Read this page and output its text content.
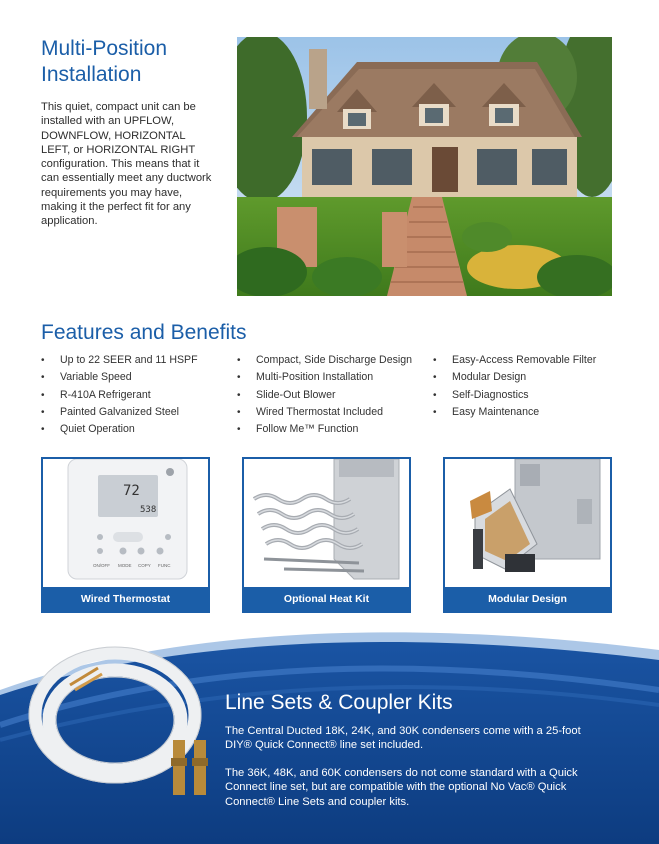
Multi-Position Installation

This quiet, compact unit can be installed with an UPFLOW, DOWNFLOW, HORIZONTAL LEFT, or HORIZONTAL RIGHT configuration. This means that it can essentially meet any ductwork requirements you may have, making it the perfect fit for any application.

Features and Benefits
• Up to 22 SEER and 11 HSPF
• Variable Speed
• R-410A Refrigerant
• Painted Galvanized Steel
• Quiet Operation
• Compact, Side Discharge Design
• Multi-Position Installation
• Slide-Out Blower
• Wired Thermostat Included
• Follow Me™ Function
• Easy-Access Removable Filter
• Modular Design
• Self-Diagnostics
• Easy Maintenance
72
538
ON/OFF MODE COPY FUNC
Wired Thermostat	Optional Heat Kit	Modular Design
Line Sets & Coupler Kits

The Central Ducted 18K, 24K, and 30K condensers come with a 25-foot DIY® Quick Connect® line set included.

The 36K, 48K, and 60K condensers do not come standard with a Quick Connect line set, but are compatible with the optional No Vac® Quick Connect® Line Sets and coupler kits.
